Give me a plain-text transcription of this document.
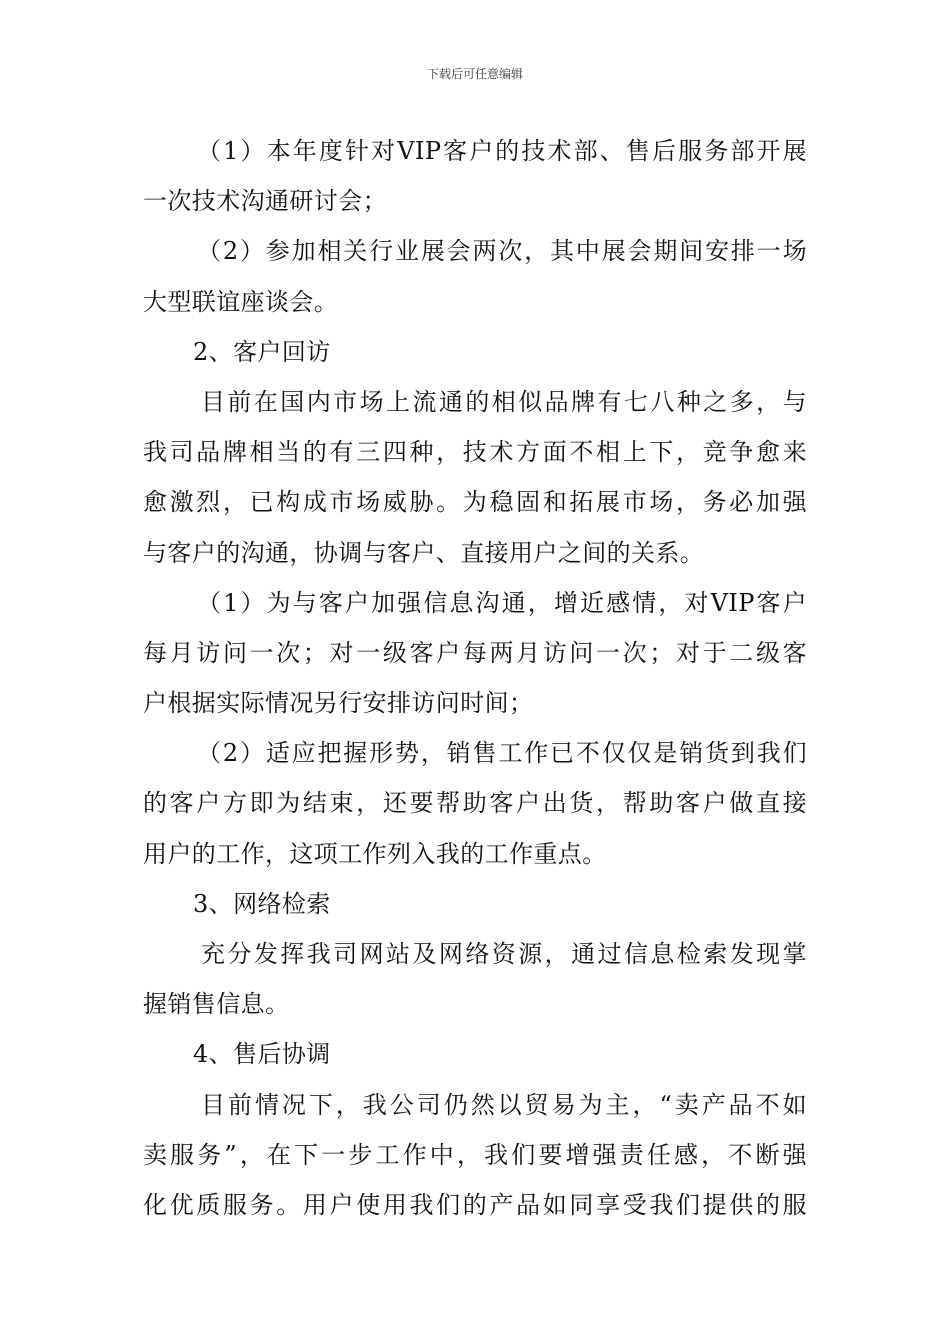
下载后可任意编辑
（1）本年度针对VIP客户的技术部、售后服务部开展
一次技术沟通研讨会；
（2）参加相关行业展会两次，其中展会期间安排一场
大型联谊座谈会。
2、客户回访
目前在国内市场上流通的相似品牌有七八种之多，与
我司品牌相当的有三四种，技术方面不相上下，竞争愈来
愈激烈，已构成市场威胁。为稳固和拓展市场，务必加强
与客户的沟通，协调与客户、直接用户之间的关系。
（1）为与客户加强信息沟通，增近感情，对VIP客户
每月访问一次；对一级客户每两月访问一次；对于二级客
户根据实际情况另行安排访问时间；
（2）适应把握形势，销售工作已不仅仅是销货到我们
的客户方即为结束，还要帮助客户出货，帮助客户做直接
用户的工作，这项工作列入我的工作重点。
3、网络检索
充分发挥我司网站及网络资源，通过信息检索发现掌
握销售信息。
4、售后协调
目前情况下，我公司仍然以贸易为主，“卖产品不如
卖服务”，在下一步工作中，我们要增强责任感，不断强
化优质服务。用户使用我们的产品如同享受我们提供的服
